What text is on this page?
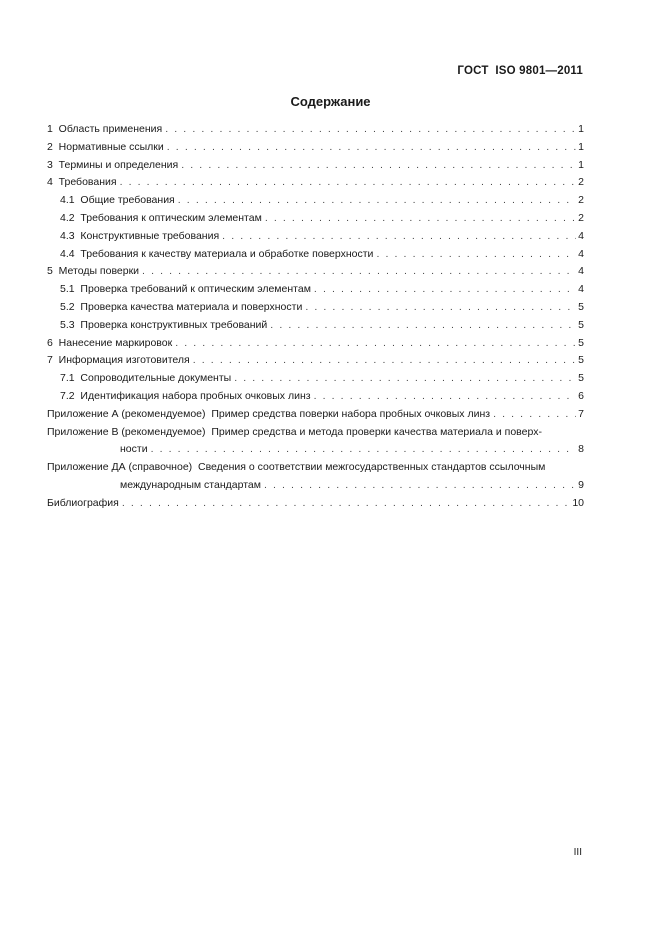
ГОСТ  ISO 9801—2011

Содержание
1  Область применения . . .	1
2  Нормативные ссылки . . .	1
3  Термины и определения . . .	1
4  Требования . . .	2
4.1  Общие требования . . .	2
4.2  Требования к оптическим элементам . . .	2
4.3  Конструктивные требования . . .	4
4.4  Требования к качеству материала и обработке поверхности . . .	4
5  Методы поверки . . .	4
5.1  Проверка требований к оптическим элементам . . .	4
5.2  Проверка качества материала и поверхности . . .	5
5.3  Проверка конструктивных требований . . .	5
6  Нанесение маркировок . . .	5
7  Информация изготовителя . . .	5
7.1  Сопроводительные документы . . .	5
7.2  Идентификация набора пробных очковых линз . . .	6
Приложение А (рекомендуемое)  Пример средства поверки набора пробных очковых линз . . .	7
Приложение В (рекомендуемое)  Пример средства и метода проверки качества материала и поверх-
ности . . .	8
Приложение ДА (справочное)  Сведения о соответствии межгосударственных стандартов ссылочным
международным стандартам . . .	9
Библиография . . .	10

III
